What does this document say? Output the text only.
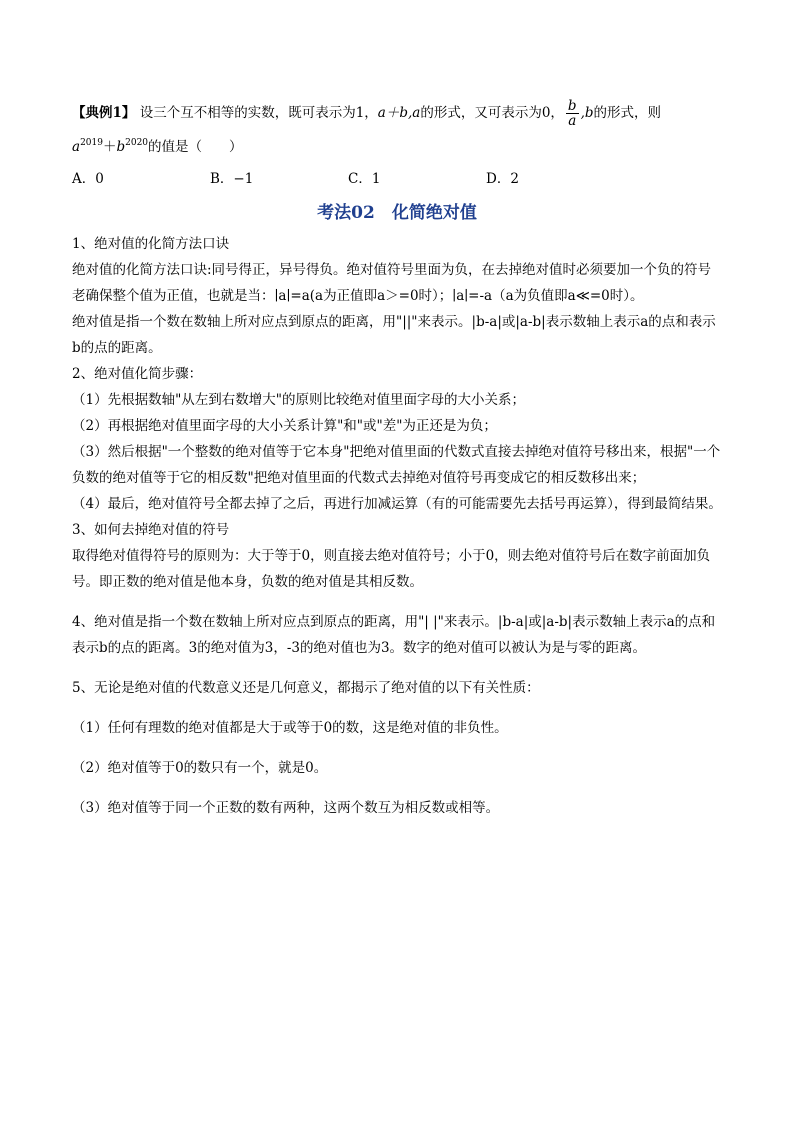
【典例1】 设三个互不相等的实数，既可表示为1，a＋b,a的形式，又可表示为0， $\frac{b}{a} ,b$的形式，则
$a^{2019}+b^{2020}$的值是（　　）
A．0	B．−1	C．1	D．2
考法02　化简绝对值
1、绝对值的化简方法口诀
绝对值的化简方法口诀:同号得正，异号得负。绝对值符号里面为负，在去掉绝对值时必须要加一个负的符号老确保整个值为正值，也就是当：∣a∣=a(a为正值即a＞=0时）；∣a∣=-a（a为负值即a≪=0时）。
绝对值是指一个数在数轴上所对应点到原点的距离，用"||"来表示。|b-a|或|a-b|表示数轴上表示a的点和表示b的点的距离。
2、绝对值化简步骤：
（1）先根据数轴"从左到右数增大"的原则比较绝对值里面字母的大小关系；
（2）再根据绝对值里面字母的大小关系计算"和"或"差"为正还是为负；
（3）然后根据"一个整数的绝对值等于它本身"把绝对值里面的代数式直接去掉绝对值符号移出来，根据"一个负数的绝对值等于它的相反数"把绝对值里面的代数式去掉绝对值符号再变成它的相反数移出来；
（4）最后，绝对值符号全都去掉了之后，再进行加减运算（有的可能需要先去括号再运算），得到最简结果。
3、如何去掉绝对值的符号
取得绝对值得符号的原则为：大于等于0，则直接去绝对值符号；小于0，则去绝对值符号后在数字前面加负号。即正数的绝对值是他本身，负数的绝对值是其相反数。
4、绝对值是指一个数在数轴上所对应点到原点的距离，用"| |"来表示。|b-a|或|a-b|表示数轴上表示a的点和表示b的点的距离。3的绝对值为3，-3的绝对值也为3。数字的绝对值可以被认为是与零的距离。
5、无论是绝对值的代数意义还是几何意义，都揭示了绝对值的以下有关性质：
（1）任何有理数的绝对值都是大于或等于0的数，这是绝对值的非负性。
（2）绝对值等于0的数只有一个，就是0。
（3）绝对值等于同一个正数的数有两种，这两个数互为相反数或相等。
